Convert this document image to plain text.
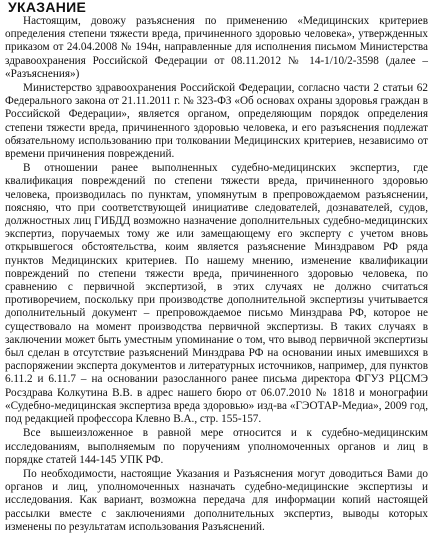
УКАЗАНИЕ

Настоящим, довожу разъяснения по применению «Медицинских критериев определения степени тяжести вреда, причиненного здоровью человека», утвержденных приказом от 24.04.2008 № 194н, направленные для исполнения письмом Министерства здравоохранения Российской Федерации от 08.11.2012 № 14-1/10/2-3598 (далее – «Разъяснения»)

Министерство здравоохранения Российской Федерации, согласно части 2 статьи 62 Федерального закона от 21.11.2011 г. № 323-ФЗ «Об основах охраны здоровья граждан в Российской Федерации», является органом, определяющим порядок определения степени тяжести вреда, причиненного здоровью человека, и его разъяснения подлежат обязательному использованию при толковании Медицинских критериев, независимо от времени причинения повреждений.

В отношении ранее выполненных судебно-медицинских экспертиз, где квалификация повреждений по степени тяжести вреда, причиненного здоровью человека, производилась по пунктам, упомянутым в препровождаемом разъяснении, поясняю, что при соответствующей инициативе следователей, дознавателей, судов, должностных лиц ГИБДД возможно назначение дополнительных судебно-медицинских экспертиз, поручаемых тому же или замещающему его эксперту с учетом вновь открывшегося обстоятельства, коим является разъяснение Минздравом РФ ряда пунктов Медицинских критериев. По нашему мнению, изменение квалификации повреждений по степени тяжести вреда, причиненного здоровью человека, по сравнению с первичной экспертизой, в этих случаях не должно считаться противоречием, поскольку при производстве дополнительной экспертизы учитывается дополнительный документ – препровождаемое письмо Минздрава РФ, которое не существовало на момент производства первичной экспертизы. В таких случаях в заключении может быть уместным упоминание о том, что вывод первичной экспертизы был сделан в отсутствие разъяснений Минздрава РФ на основании иных имевшихся в распоряжении эксперта документов и литературных источников, например, для пунктов 6.11.2 и 6.11.7 – на основании разосланного ранее письма директора ФГУЗ РЦСМЭ Росздрава Колкутина В.В. в адрес нашего бюро от 06.07.2010 № 1818 и монографии «Судебно-медицинская экспертиза вреда здоровью» изд-ва «ГЭОТАР-Медиа», 2009 год, под редакцией профессора Клевно В.А., стр. 155-157.

Все вышеизложенное в равной мере относится и к судебно-медицинским исследованиям, выполняемым по поручениям уполномоченных органов и лиц в порядке статей 144-145 УПК РФ.

По необходимости, настоящие Указания и Разъяснения могут доводиться Вами до органов и лиц, уполномоченных назначать судебно-медицинские экспертизы и исследования. Как вариант, возможна передача для информации копий настоящей рассылки вместе с заключениями дополнительных экспертиз, выводы которых изменены по результатам использования Разъяснений.
